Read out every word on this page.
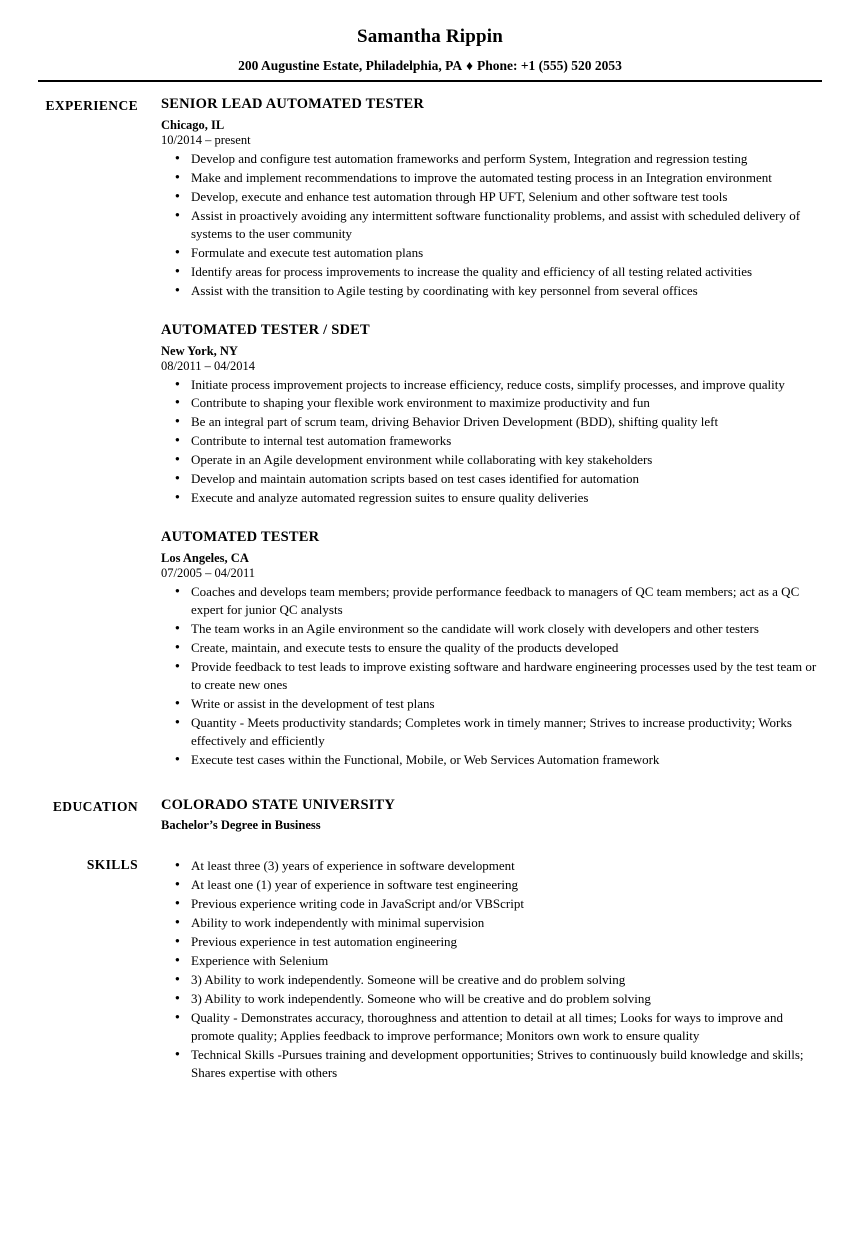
Samantha Rippin
200 Augustine Estate, Philadelphia, PA ♦ Phone: +1 (555) 520 2053
EXPERIENCE	SENIOR LEAD AUTOMATED TESTER
Chicago, IL
10/2014 – present
● Develop and configure test automation frameworks and perform System, Integration and regression testing
● Make and implement recommendations to improve the automated testing process in an Integration environment
● Develop, execute and enhance test automation through HP UFT, Selenium and other software test tools
● Assist in proactively avoiding any intermittent software functionality problems, and assist with scheduled delivery of systems to the user community
● Formulate and execute test automation plans
● Identify areas for process improvements to increase the quality and efficiency of all testing related activities
● Assist with the transition to Agile testing by coordinating with key personnel from several offices
AUTOMATED TESTER / SDET
New York, NY
08/2011 – 04/2014
● Initiate process improvement projects to increase efficiency, reduce costs, simplify processes, and improve quality
● Contribute to shaping your flexible work environment to maximize productivity and fun
● Be an integral part of scrum team, driving Behavior Driven Development (BDD), shifting quality left
● Contribute to internal test automation frameworks
● Operate in an Agile development environment while collaborating with key stakeholders
● Develop and maintain automation scripts based on test cases identified for automation
● Execute and analyze automated regression suites to ensure quality deliveries
AUTOMATED TESTER
Los Angeles, CA
07/2005 – 04/2011
● Coaches and develops team members; provide performance feedback to managers of QC team members; act as a QC expert for junior QC analysts
● The team works in an Agile environment so the candidate will work closely with developers and other testers
● Create, maintain, and execute tests to ensure the quality of the products developed
● Provide feedback to test leads to improve existing software and hardware engineering processes used by the test team or to create new ones
● Write or assist in the development of test plans
● Quantity - Meets productivity standards; Completes work in timely manner; Strives to increase productivity; Works effectively and efficiently
● Execute test cases within the Functional, Mobile, or Web Services Automation framework
EDUCATION	COLORADO STATE UNIVERSITY
Bachelor’s Degree in Business
SKILLS	● At least three (3) years of experience in software development
● At least one (1) year of experience in software test engineering
● Previous experience writing code in JavaScript and/or VBScript
● Ability to work independently with minimal supervision
● Previous experience in test automation engineering
● Experience with Selenium
● 3) Ability to work independently. Someone will be creative and do problem solving
● 3) Ability to work independently. Someone who will be creative and do problem solving
● Quality - Demonstrates accuracy, thoroughness and attention to detail at all times; Looks for ways to improve and promote quality; Applies feedback to improve performance; Monitors own work to ensure quality
● Technical Skills -Pursues training and development opportunities; Strives to continuously build knowledge and skills; Shares expertise with others
